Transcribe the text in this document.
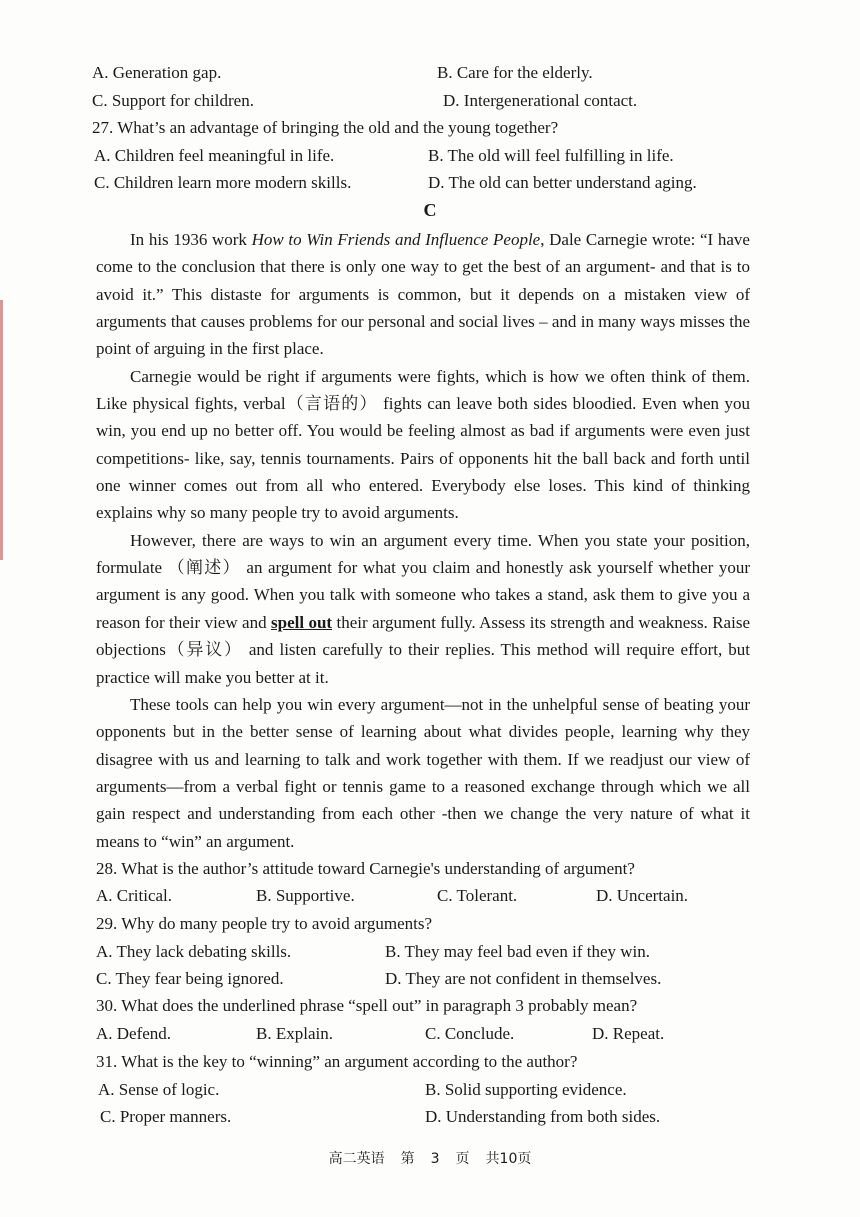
A. Generation gap.	B. Care for the elderly.
C. Support for children.	D. Intergenerational contact.
27. What’s an advantage of bringing the old and the young together?
A. Children feel meaningful in life.	B. The old will feel fulfilling in life.
C. Children learn more modern skills.	D. The old can better understand aging.
C

In his 1936 work How to Win Friends and Influence People, Dale Carnegie wrote: “I have come to the conclusion that there is only one way to get the best of an argument- and that is to avoid it.” This distaste for arguments is common, but it depends on a mistaken view of arguments that causes problems for our personal and social lives – and in many ways misses the point of arguing in the first place.

Carnegie would be right if arguments were fights, which is how we often think of them. Like physical fights, verbal（言语的） fights can leave both sides bloodied. Even when you win, you end up no better off. You would be feeling almost as bad if arguments were even just competitions- like, say, tennis tournaments. Pairs of opponents hit the ball back and forth until one winner comes out from all who entered. Everybody else loses. This kind of thinking explains why so many people try to avoid arguments.

However, there are ways to win an argument every time. When you state your position, formulate （阐述） an argument for what you claim and honestly ask yourself whether your argument is any good. When you talk with someone who takes a stand, ask them to give you a reason for their view and spell out their argument fully. Assess its strength and weakness. Raise objections（异议） and listen carefully to their replies. This method will require effort, but practice will make you better at it.

These tools can help you win every argument—not in the unhelpful sense of beating your opponents but in the better sense of learning about what divides people, learning why they disagree with us and learning to talk and work together with them. If we readjust our view of arguments—from a verbal fight or tennis game to a reasoned exchange through which we all gain respect and understanding from each other -then we change the very nature of what it means to “win” an argument.

28. What is the author’s attitude toward Carnegie's understanding of argument?
A. Critical.	B. Supportive.	C. Tolerant.	D. Uncertain.
29. Why do many people try to avoid arguments?
A. They lack debating skills.	B. They may feel bad even if they win.
C. They fear being ignored.	D. They are not confident in themselves.
30. What does the underlined phrase “spell out” in paragraph 3 probably mean?
A. Defend.	B. Explain.	C. Conclude.	D. Repeat.
31. What is the key to “winning” an argument according to the author?
A. Sense of logic.	B. Solid supporting evidence.
C. Proper manners.	D. Understanding from both sides.
高二英语 第 3 页 共10页
